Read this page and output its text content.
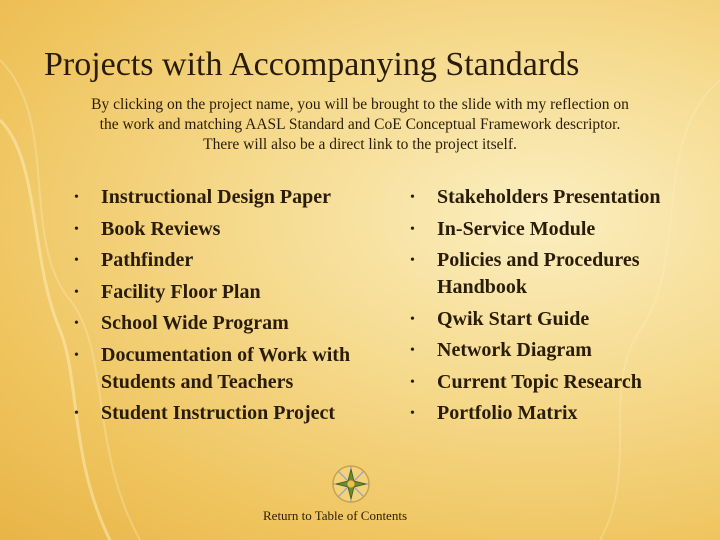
Projects with Accompanying Standards
By clicking on the project name, you will be brought to the slide with my reflection on the work and matching AASL Standard and CoE Conceptual Framework descriptor. There will also be a direct link to the project itself.
• Instructional Design Paper
• Book Reviews
• Pathfinder
• Facility Floor Plan
• School Wide Program
• Documentation of Work with Students and Teachers
• Student Instruction Project
• Stakeholders Presentation
• In-Service Module
• Policies and Procedures Handbook
• Qwik Start Guide
• Network Diagram
• Current Topic Research
• Portfolio Matrix
Return to Table of Contents
